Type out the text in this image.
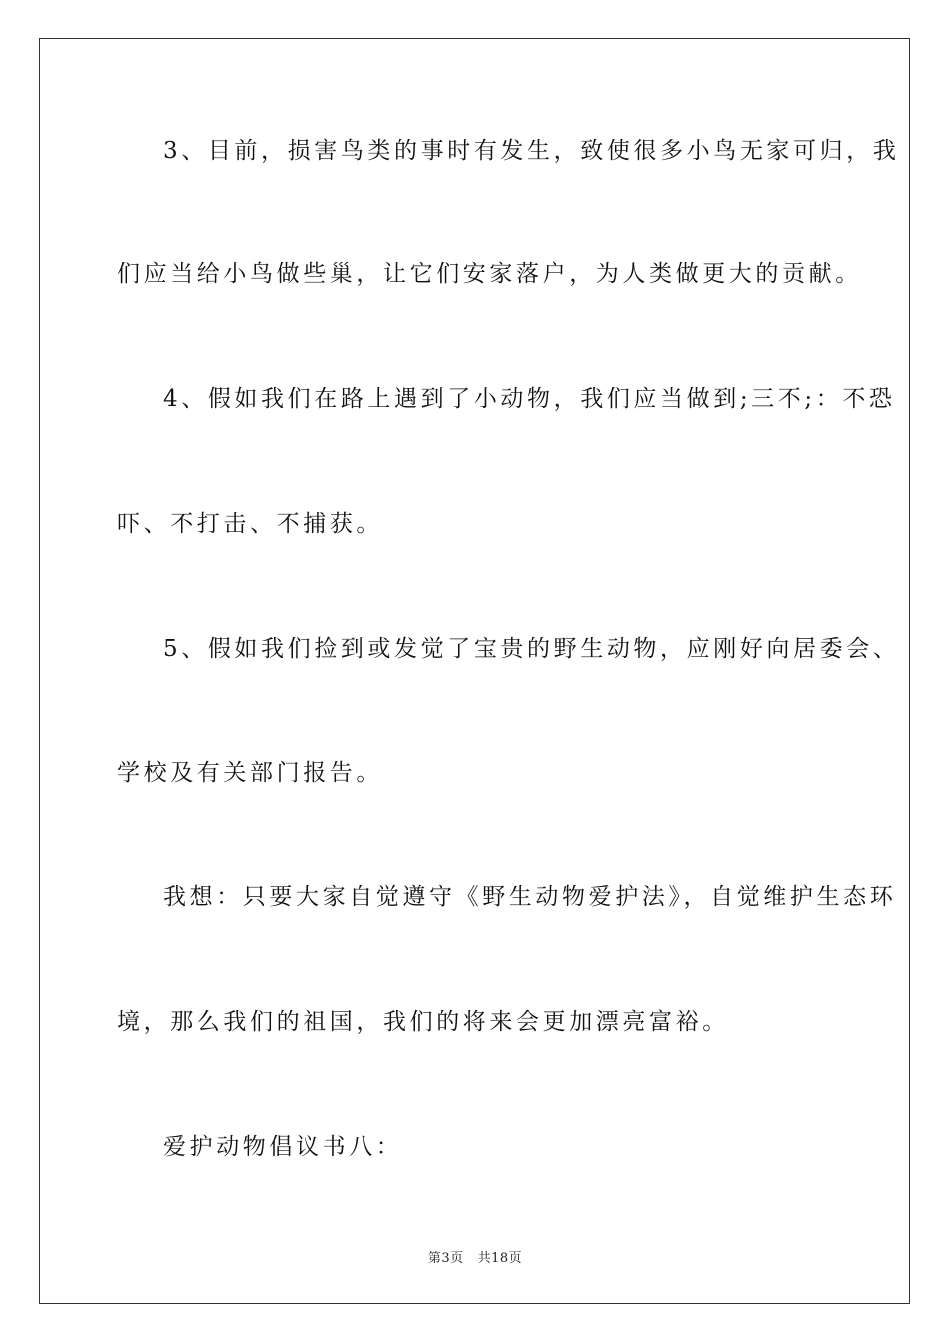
3、目前，损害鸟类的事时有发生，致使很多小鸟无家可归，我
们应当给小鸟做些巢，让它们安家落户，为人类做更大的贡献。
4、假如我们在路上遇到了小动物，我们应当做到;三不;：不恐
吓、不打击、不捕获。
5、假如我们捡到或发觉了宝贵的野生动物，应刚好向居委会、
学校及有关部门报告。
我想：只要大家自觉遵守《野生动物爱护法》，自觉维护生态环
境，那么我们的祖国，我们的将来会更加漂亮富裕。
爱护动物倡议书八：
第3页 共18页
